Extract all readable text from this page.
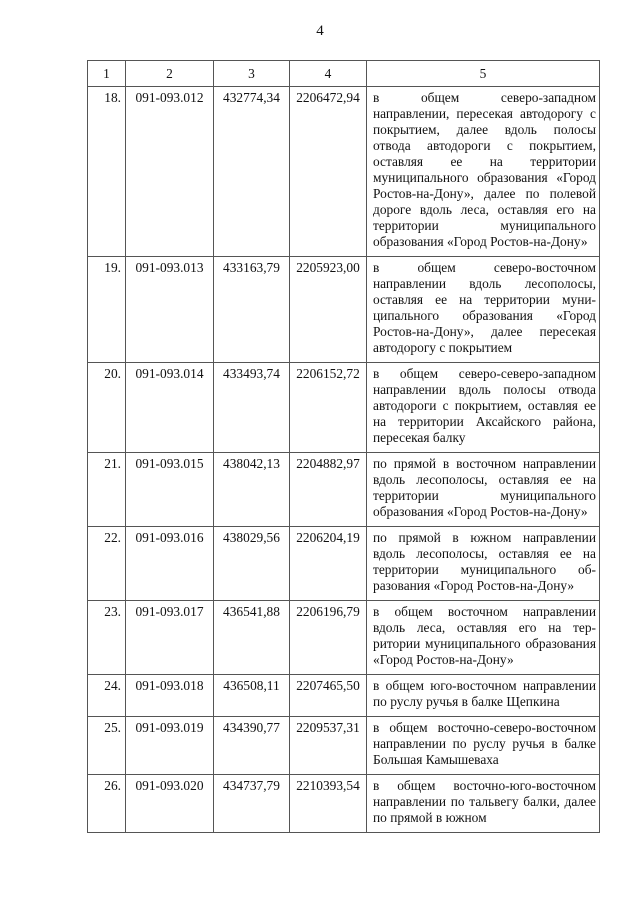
4
1	2	3	4	5
18.	091-093.012	432774,34	2206472,94	в общем северо-западном направлении, пересекая автодорогу с покрытием, далее вдоль полосы отвода автодороги с покрытием, оставляя ее на территории муниципального образования «Город Ростов-на-Дону», далее по полевой дороге вдоль леса, оставляя его на территории муниципального образования «Город Ростов-на-Дону»
19.	091-093.013	433163,79	2205923,00	в общем северо-восточном направлении вдоль лесополосы, оставляя ее на территории муниципального образования «Город Ростов-на-Дону», далее пересекая автодорогу с покрытием
20.	091-093.014	433493,74	2206152,72	в общем северо-северо-западном направлении вдоль полосы отвода автодороги с покрытием, оставляя ее на территории Аксайского района, пересекая балку
21.	091-093.015	438042,13	2204882,97	по прямой в восточном направлении вдоль лесополосы, оставляя ее на территории муниципального образования «Город Ростов-на-Дону»
22.	091-093.016	438029,56	2206204,19	по прямой в южном направлении вдоль лесополосы, оставляя ее на территории муниципального образования «Город Ростов-на-Дону»
23.	091-093.017	436541,88	2206196,79	в общем восточном направлении вдоль леса, оставляя его на территории муниципального образования «Город Ростов-на-Дону»
24.	091-093.018	436508,11	2207465,50	в общем юго-восточном направлении по руслу ручья в балке Щепкина
25.	091-093.019	434390,77	2209537,31	в общем восточно-северо-восточном направлении по руслу ручья в балке Большая Камышеваха
26.	091-093.020	434737,79	2210393,54	в общем восточно-юго-восточном направлении по тальвегу балки, далее по прямой в южном
